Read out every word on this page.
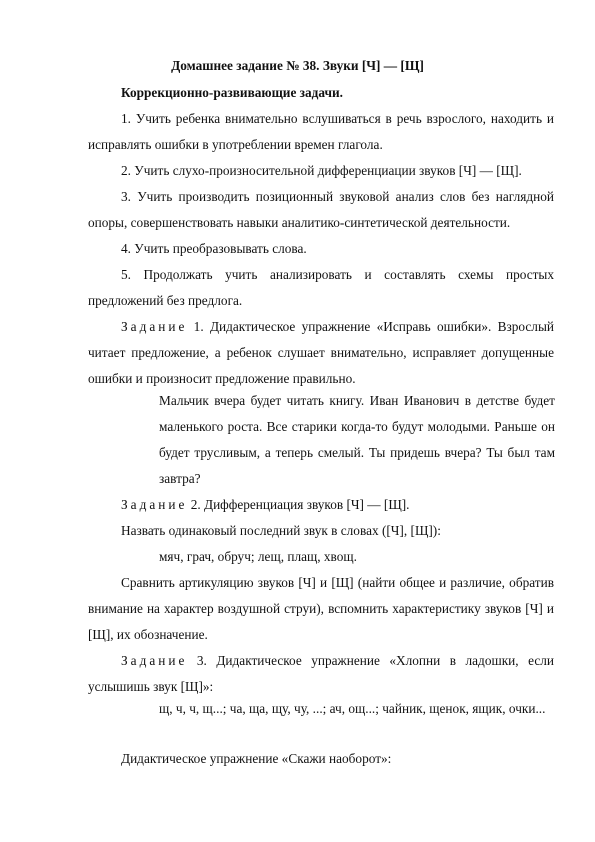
Домашнее задание № 38. Звуки [Ч] — [Щ]
Коррекционно-развивающие задачи.
1. Учить ребенка внимательно вслушиваться в речь взрослого, находить и исправлять ошибки в употреблении времен глагола.
2. Учить слухо-произносительной дифференциации звуков [Ч] — [Щ].
3. Учить производить позиционный звуковой анализ слов без наглядной опоры, совершенствовать навыки аналитико-синтетической деятельности.
4. Учить преобразовывать слова.
5. Продолжать учить анализировать и составлять схемы простых предложений без предлога.
Задание 1. Дидактическое упражнение «Исправь ошибки». Взрослый читает предложение, а ребенок слушает внимательно, исправляет допущенные ошибки и произносит предложение правильно.
Мальчик вчера будет читать книгу. Иван Иванович в детстве будет маленького роста. Все старики когда-то будут молодыми. Раньше он будет трусливым, а теперь смелый. Ты придешь вчера? Ты был там завтра?
Задание 2. Дифференциация звуков [Ч] — [Щ].
Назвать одинаковый последний звук в словах ([Ч], [Щ]):
мяч, грач, обруч; лещ, плащ, хвощ.
Сравнить артикуляцию звуков [Ч] и [Щ] (найти общее и различие, обратив внимание на характер воздушной струи), вспомнить характеристику звуков [Ч] и [Щ], их обозначение.
Задание 3. Дидактическое упражнение «Хлопни в ладошки, если услышишь звук [Щ]»:
щ, ч, ч, щ...; ча, ща, щу, чу, ...; ач, ощ...; чайник, щенок, ящик, очки...
Дидактическое упражнение «Скажи наоборот»:
